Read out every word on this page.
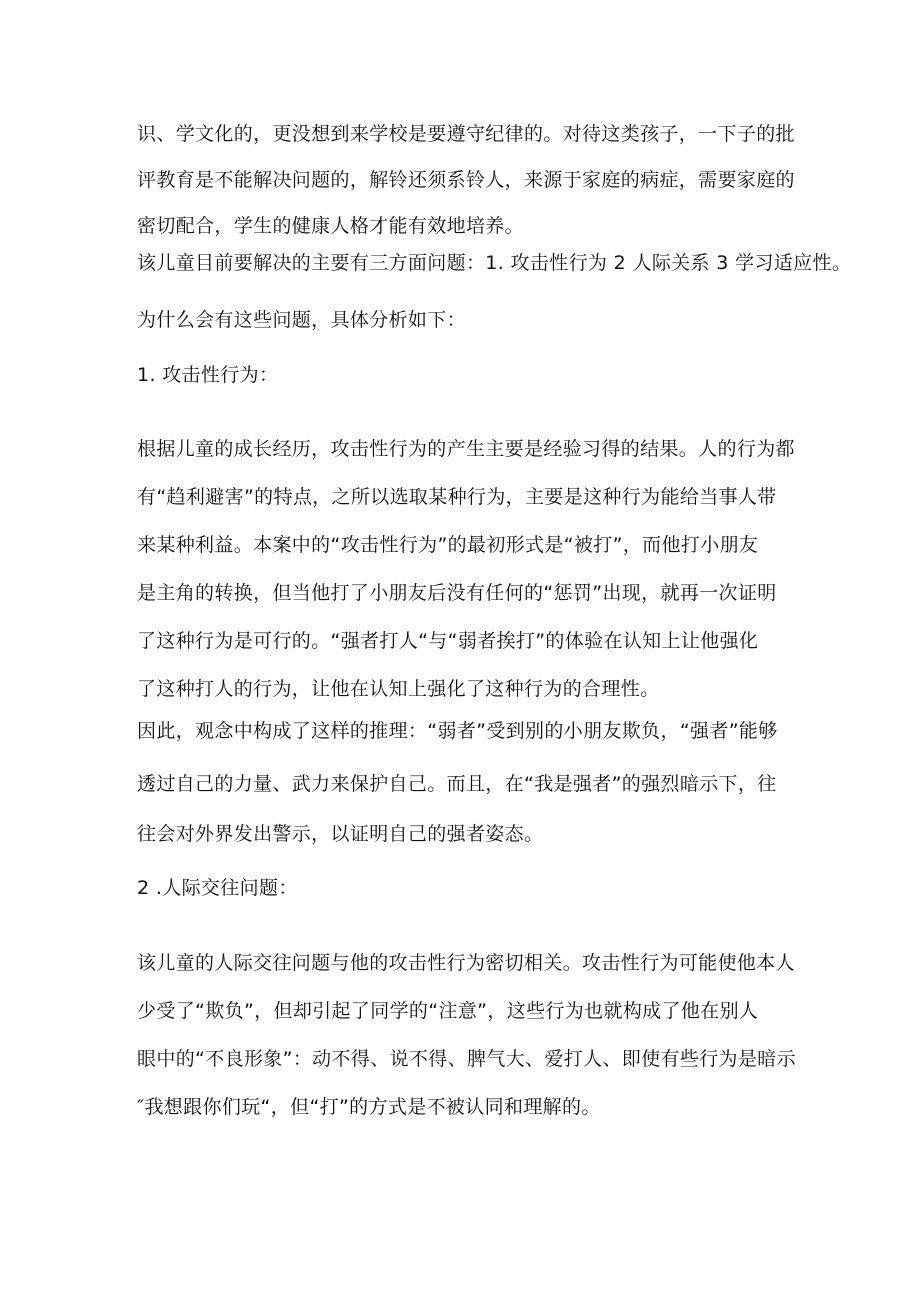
识、学文化的，更没想到来学校是要遵守纪律的。对待这类孩子，一下子的批
评教育是不能解决问题的，解铃还须系铃人，来源于家庭的病症，需要家庭的
密切配合，学生的健康人格才能有效地培养。
该儿童目前要解决的主要有三方面问题：1. 攻击性行为 2 人际关系 3 学习适应性。
为什么会有这些问题，具体分析如下：
1. 攻击性行为：
根据儿童的成长经历，攻击性行为的产生主要是经验习得的结果。人的行为都
有“趋利避害”的特点，之所以选取某种行为，主要是这种行为能给当事人带
来某种利益。本案中的“攻击性行为”的最初形式是“被打”，而他打小朋友
是主角的转换，但当他打了小朋友后没有任何的“惩罚”出现，就再一次证明
了这种行为是可行的。“强者打人“与“弱者挨打”的体验在认知上让他强化
了这种打人的行为，让他在认知上强化了这种行为的合理性。
因此，观念中构成了这样的推理：“弱者”受到别的小朋友欺负，“强者”能够
透过自己的力量、武力来保护自己。而且，在“我是强者”的强烈暗示下，往
往会对外界发出警示，以证明自己的强者姿态。
2 .人际交往问题：
该儿童的人际交往问题与他的攻击性行为密切相关。攻击性行为可能使他本人
少受了“欺负”，但却引起了同学的“注意”，这些行为也就构成了他在别人
眼中的“不良形象”：动不得、说不得、脾气大、爱打人、即使有些行为是暗示
″我想跟你们玩“，但“打”的方式是不被认同和理解的。
